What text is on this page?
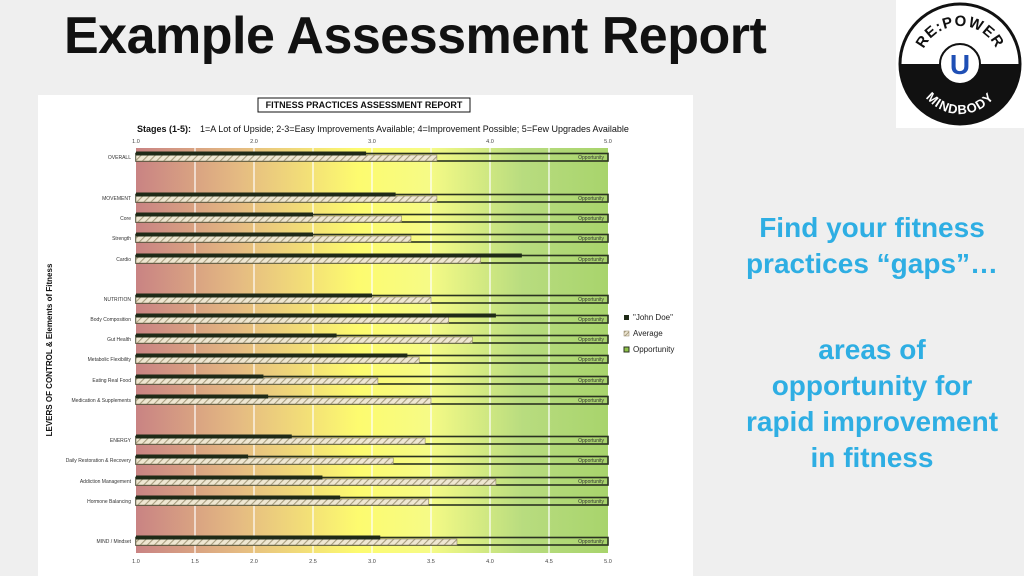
Example Assessment Report	RE:POWER
MINDBODY
U
Find your fitness practices “gaps”…
areas of opportunity for rapid improvement in fitness
FITNESS PRACTICES ASSESSMENT REPORT
Stages (1-5): 1=A Lot of Upside; 2-3=Easy Improvements Available; 4=Improvement Possible; 5=Few Upgrades Available
1.0	2.0	3.0	4.0	5.0
1.0	1.5	2.0	2.5	3.0	3.5	4.0	4.5	5.0
LEVERS OF CONTROL & Elements of Fitness
OVERALL	Opportunity
MOVEMENT	Opportunity
Core	Opportunity
Strength	Opportunity
Cardio	Opportunity
NUTRITION	Opportunity
Body Composition	Opportunity
Gut Health	Opportunity
Metabolic Flexibility	Opportunity
Eating Real Food	Opportunity
Medication & Supplements	Opportunity
ENERGY	Opportunity
Daily Restoration & Recovery	Opportunity
Addiction Management	Opportunity
Hormone Balancing	Opportunity
MIND / Mindset	Opportunity
"John Doe"
Average
Opportunity
